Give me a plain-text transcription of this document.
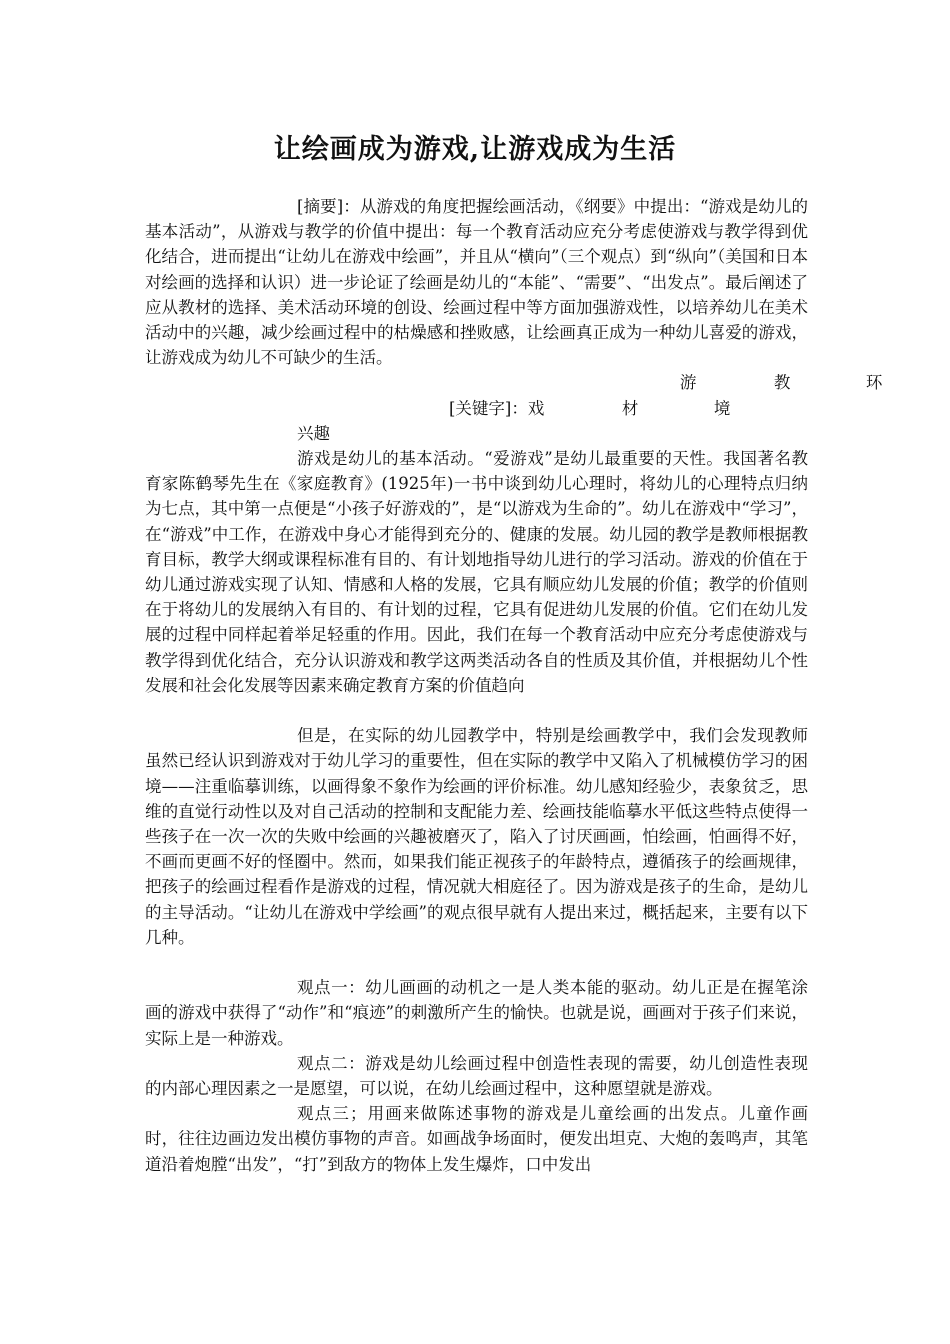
让绘画成为游戏,让游戏成为生活

[摘要]：从游戏的角度把握绘画活动，《纲要》中提出：“游戏是幼儿的基本活动”，从游戏与教学的价值中提出：每一个教育活动应充分考虑使游戏与教学得到优化结合，进而提出“让幼儿在游戏中绘画”，并且从“横向”（三个观点）到“纵向”（美国和日本对绘画的选择和认识）进一步论证了绘画是幼儿的“本能”、“需要”、“出发点”。最后阐述了应从教材的选择、美术活动环境的创设、绘画过程中等方面加强游戏性，以培养幼儿在美术活动中的兴趣，减少绘画过程中的枯燥感和挫败感，让绘画真正成为一种幼儿喜爱的游戏，让游戏成为幼儿不可缺少的生活。

[关键字]：游戏教材环境兴趣

游戏是幼儿的基本活动。“爱游戏”是幼儿最重要的天性。我国著名教育家陈鹤琴先生在《家庭教育》(1925年)一书中谈到幼儿心理时，将幼儿的心理特点归纳为七点，其中第一点便是“小孩子好游戏的”，是“以游戏为生命的”。幼儿在游戏中“学习”，在“游戏”中工作，在游戏中身心才能得到充分的、健康的发展。幼儿园的教学是教师根据教育目标，教学大纲或课程标准有目的、有计划地指导幼儿进行的学习活动。游戏的价值在于幼儿通过游戏实现了认知、情感和人格的发展，它具有顺应幼儿发展的价值；教学的价值则在于将幼儿的发展纳入有目的、有计划的过程，它具有促进幼儿发展的价值。它们在幼儿发展的过程中同样起着举足轻重的作用。因此，我们在每一个教育活动中应充分考虑使游戏与教学得到优化结合，充分认识游戏和教学这两类活动各自的性质及其价值，并根据幼儿个性发展和社会化发展等因素来确定教育方案的价值趋向

但是，在实际的幼儿园教学中，特别是绘画教学中，我们会发现教师虽然已经认识到游戏对于幼儿学习的重要性，但在实际的教学中又陷入了机械模仿学习的困境——注重临摹训练，以画得象不象作为绘画的评价标准。幼儿感知经验少，表象贫乏，思维的直觉行动性以及对自己活动的控制和支配能力差、绘画技能临摹水平低这些特点使得一些孩子在一次一次的失败中绘画的兴趣被磨灭了，陷入了讨厌画画，怕绘画，怕画得不好，不画而更画不好的怪圈中。然而，如果我们能正视孩子的年龄特点，遵循孩子的绘画规律，把孩子的绘画过程看作是游戏的过程，情况就大相庭径了。因为游戏是孩子的生命，是幼儿的主导活动。“让幼儿在游戏中学绘画”的观点很早就有人提出来过，概括起来，主要有以下几种。

观点一：幼儿画画的动机之一是人类本能的驱动。幼儿正是在握笔涂画的游戏中获得了“动作”和“痕迹”的刺激所产生的愉快。也就是说，画画对于孩子们来说，实际上是一种游戏。

观点二：游戏是幼儿绘画过程中创造性表现的需要，幼儿创造性表现的内部心理因素之一是愿望，可以说，在幼儿绘画过程中，这种愿望就是游戏。

观点三；用画来做陈述事物的游戏是儿童绘画的出发点。儿童作画时，往往边画边发出模仿事物的声音。如画战争场面时，便发出坦克、大炮的轰鸣声，其笔道沿着炮膛“出发”，“打”到敌方的物体上发生爆炸，口中发出
